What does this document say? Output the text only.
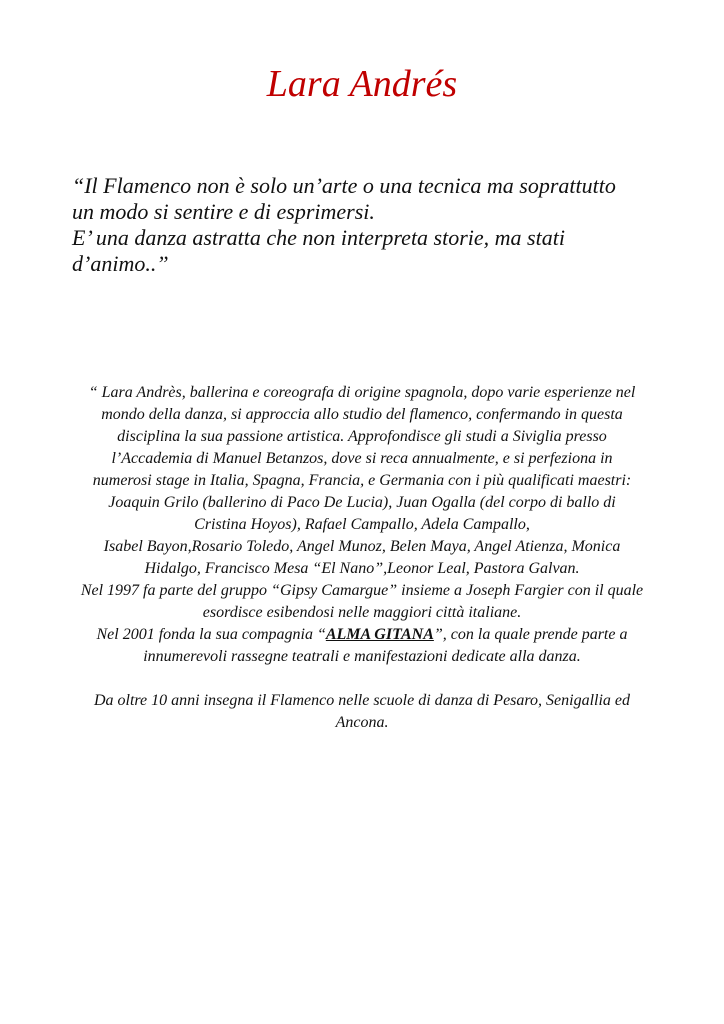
Lara Andrés
“Il Flamenco non è solo un’arte o una tecnica ma soprattutto
un modo si sentire e di esprimersi.
E’ una danza astratta che non interpreta storie, ma stati
d’animo..”
“ Lara Andrès, ballerina e coreografa di origine spagnola, dopo varie esperienze nel
mondo della danza, si approccia allo studio del flamenco, confermando in questa
disciplina la sua passione artistica. Approfondisce gli studi a Siviglia presso
l’Accademia di Manuel Betanzos, dove si reca annualmente, e si perfeziona in
numerosi stage in Italia, Spagna, Francia, e Germania con i più qualificati maestri:
Joaquin Grilo (ballerino di Paco De Lucia), Juan Ogalla (del corpo di ballo di
Cristina Hoyos), Rafael Campallo, Adela Campallo,
Isabel Bayon,Rosario Toledo, Angel Munoz, Belen Maya, Angel Atienza, Monica
Hidalgo, Francisco Mesa “El Nano”,Leonor Leal, Pastora Galvan.
Nel 1997 fa parte del gruppo “Gipsy Camargue” insieme a Joseph Fargier con il quale
esordisce esibendosi nelle maggiori città italiane.
Nel 2001 fonda la sua compagnia “ALMA GITANA”, con la quale prende parte a
innumerevoli rassegne teatrali e manifestazioni dedicate alla danza.
Da oltre 10 anni insegna il Flamenco nelle scuole di danza di Pesaro, Senigallia ed
Ancona.
